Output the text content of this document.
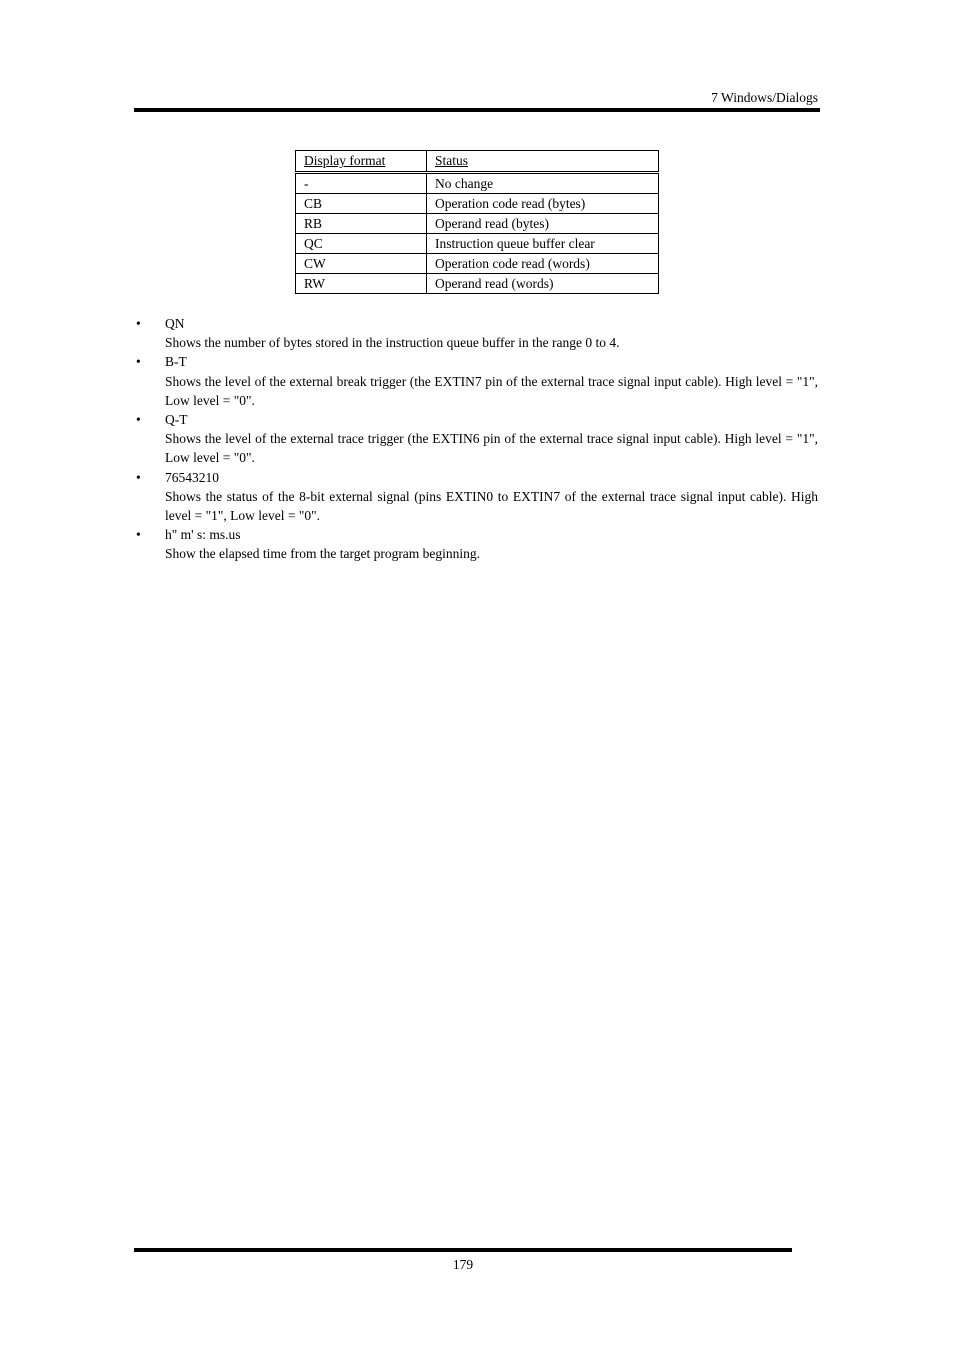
7 Windows/Dialogs
Display format	Status
-	No change
CB	Operation code read (bytes)
RB	Operand read (bytes)
QC	Instruction queue buffer clear
CW	Operation code read (words)
RW	Operand read (words)
• QN
Shows the number of bytes stored in the instruction queue buffer in the range 0 to 4.
• B-T
Shows the level of the external break trigger (the EXTIN7 pin of the external trace signal input cable). High level = "1", Low level = "0".
• Q-T
Shows the level of the external trace trigger (the EXTIN6 pin of the external trace signal input cable). High level = "1", Low level = "0".
• 76543210
Shows the status of the 8-bit external signal (pins EXTIN0 to EXTIN7 of the external trace signal input cable). High level = "1", Low level = "0".
• h" m' s: ms.us
Show the elapsed time from the target program beginning.
179
